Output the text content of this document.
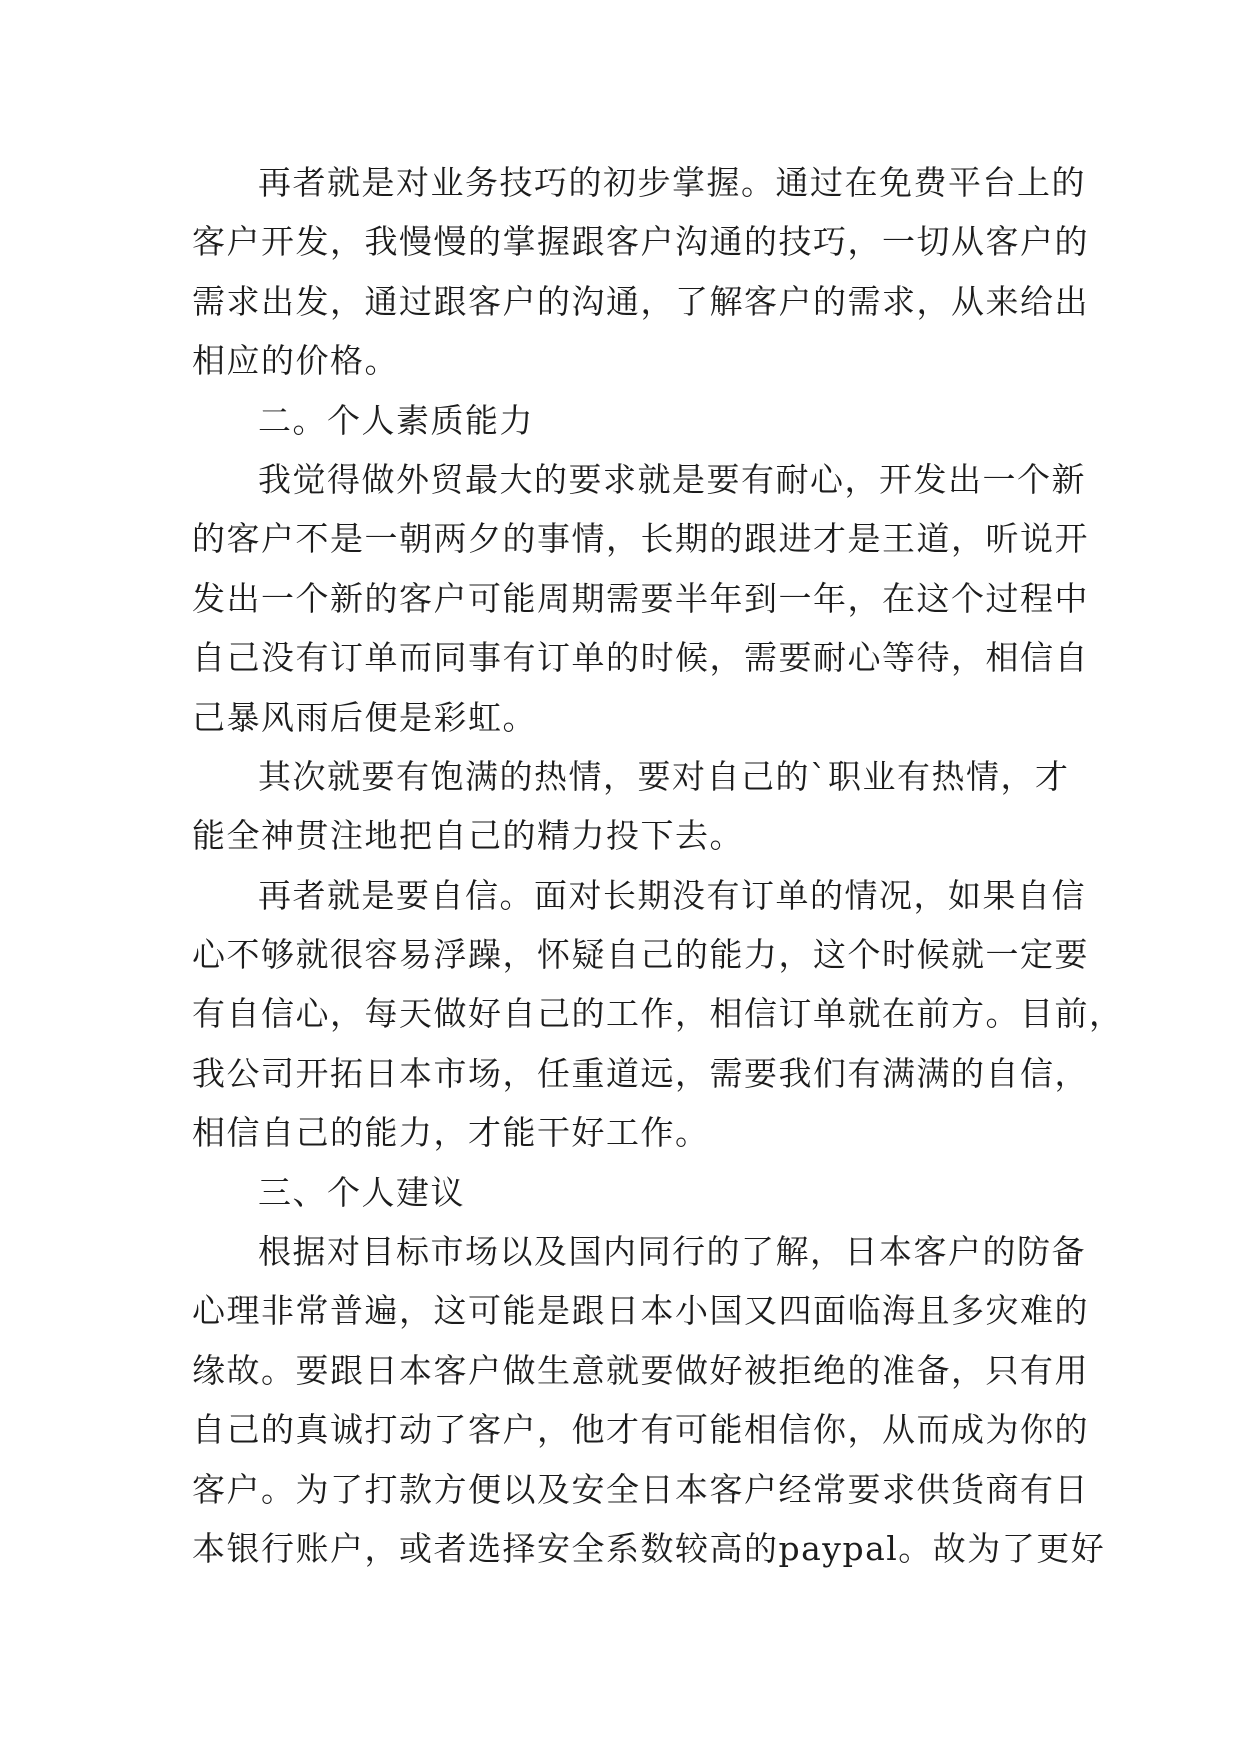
再者就是对业务技巧的初步掌握。通过在免费平台上的
客户开发，我慢慢的掌握跟客户沟通的技巧，一切从客户的
需求出发，通过跟客户的沟通，了解客户的需求，从来给出
相应的价格。
二。个人素质能力
我觉得做外贸最大的要求就是要有耐心，开发出一个新
的客户不是一朝两夕的事情，长期的跟进才是王道，听说开
发出一个新的客户可能周期需要半年到一年，在这个过程中
自己没有订单而同事有订单的时候，需要耐心等待，相信自
己暴风雨后便是彩虹。
其次就要有饱满的热情，要对自己的`职业有热情，才
能全神贯注地把自己的精力投下去。
再者就是要自信。面对长期没有订单的情况，如果自信
心不够就很容易浮躁，怀疑自己的能力，这个时候就一定要
有自信心，每天做好自己的工作，相信订单就在前方。目前，
我公司开拓日本市场，任重道远，需要我们有满满的自信，
相信自己的能力，才能干好工作。
三、个人建议
根据对目标市场以及国内同行的了解，日本客户的防备
心理非常普遍，这可能是跟日本小国又四面临海且多灾难的
缘故。要跟日本客户做生意就要做好被拒绝的准备，只有用
自己的真诚打动了客户，他才有可能相信你，从而成为你的
客户。为了打款方便以及安全日本客户经常要求供货商有日
本银行账户，或者选择安全系数较高的paypal。故为了更好
